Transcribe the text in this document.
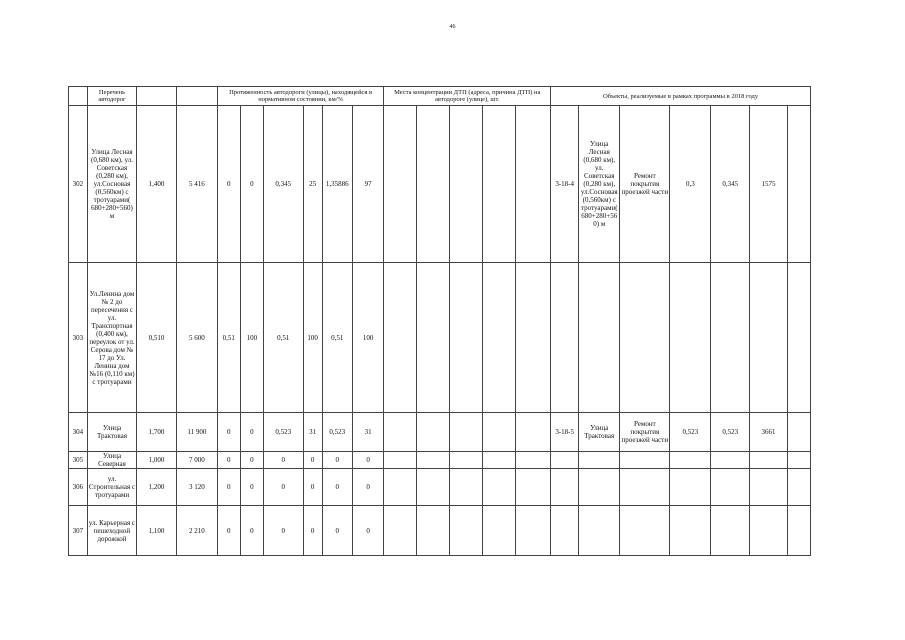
46
	Перечень автодорог			Протяженность автодороги (улицы), находящейся в нормативном состоянии, км/%						Места концентрации ДТП (адреса, причина ДТП) на автодороге (улице), шт.					Объекты, реализуемые в рамках программы в 2018 году						
302	Улица Лесная (0,680 км), ул. Советская (0,280 км), ул.Сосновая (0,560км) с тротуарами( 680+280+560) м	1,400	5 416	0	0	0,345	25	1,35886	97						3-18-4	Улица Лесная (0,680 км), ул. Советская (0,280 км), ул.Сосновая (0,560км) с тротуарами( 680+280+560) м	Ремонт покрытия проезжей части	0,3	0,345	1575	
303	Ул.Ленина дом № 2 до пересечения с ул. Транспортная (0,400 км), переулок от ул. Серова дом № 17 до Ул. Ленина дом №16 (0,110 км) с тротуарами	0,510	5 600	0,51	100	0,51	100	0,51	100												
304	Улица Трактовая	1,700	11 900	0	0	0,523	31	0,523	31						3-18-5	Улица Трактовая	Ремонт покрытия проезжей части	0,523	0,523	3661	
305	Улица Северная	1,000	7 000	0	0	0	0	0	0												
306	ул. Строительная с тротуарами	1,200	3 120	0	0	0	0	0	0												
307	ул. Карьерная с пешеходной дорожкой	1,100	2 210	0	0	0	0	0	0												
